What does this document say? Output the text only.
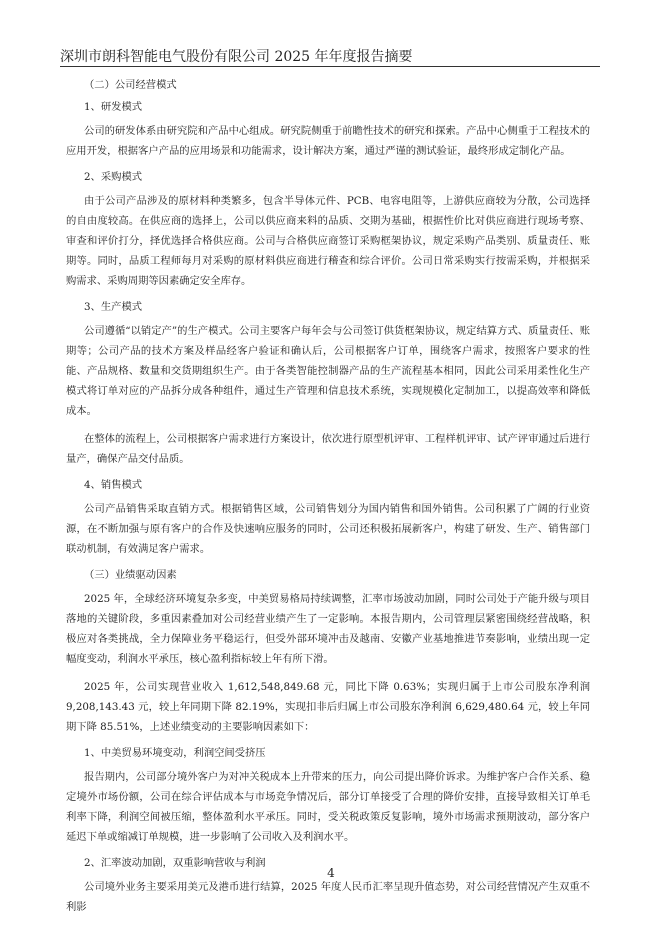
深圳市朗科智能电气股份有限公司 2025 年年度报告摘要
（二）公司经营模式
1、研发模式
公司的研发体系由研究院和产品中心组成。研究院侧重于前瞻性技术的研究和探索。产品中心侧重于工程技术的应用开发，根据客户产品的应用场景和功能需求，设计解决方案，通过严谨的测试验证，最终形成定制化产品。
2、采购模式
由于公司产品涉及的原材料种类繁多，包含半导体元件、PCB、电容电阻等，上游供应商较为分散，公司选择的自由度较高。在供应商的选择上，公司以供应商来料的品质、交期为基础，根据性价比对供应商进行现场考察、审查和评价打分，择优选择合格供应商。公司与合格供应商签订采购框架协议，规定采购产品类别、质量责任、账期等。同时，品质工程师每月对采购的原材料供应商进行稽查和综合评价。公司日常采购实行按需采购，并根据采购需求、采购周期等因素确定安全库存。
3、生产模式
公司遵循“以销定产”的生产模式。公司主要客户每年会与公司签订供货框架协议，规定结算方式、质量责任、账期等；公司产品的技术方案及样品经客户验证和确认后，公司根据客户订单，围绕客户需求，按照客户要求的性能、产品规格、数量和交货期组织生产。由于各类智能控制器产品的生产流程基本相同，因此公司采用柔性化生产模式将订单对应的产品拆分成各种组件，通过生产管理和信息技术系统，实现规模化定制加工，以提高效率和降低成本。
在整体的流程上，公司根据客户需求进行方案设计，依次进行原型机评审、工程样机评审、试产评审通过后进行量产，确保产品交付品质。
4、销售模式
公司产品销售采取直销方式。根据销售区域，公司销售划分为国内销售和国外销售。公司积累了广阔的行业资源，在不断加强与原有客户的合作及快速响应服务的同时，公司还积极拓展新客户，构建了研发、生产、销售部门联动机制，有效满足客户需求。
（三）业绩驱动因素
2025 年，全球经济环境复杂多变，中美贸易格局持续调整，汇率市场波动加剧，同时公司处于产能升级与项目落地的关键阶段，多重因素叠加对公司经营业绩产生了一定影响。本报告期内，公司管理层紧密围绕经营战略，积极应对各类挑战，全力保障业务平稳运行，但受外部环境冲击及越南、安徽产业基地推进节奏影响，业绩出现一定幅度变动，利润水平承压，核心盈利指标较上年有所下滑。
2025 年，公司实现营业收入 1,612,548,849.68 元，同比下降 0.63%；实现归属于上市公司股东净利润 9,208,143.43 元，较上年同期下降 82.19%，实现扣非后归属上市公司股东净利润 6,629,480.64 元，较上年同期下降 85.51%，上述业绩变动的主要影响因素如下：
1、中美贸易环境变动，利润空间受挤压
报告期内，公司部分境外客户为对冲关税成本上升带来的压力，向公司提出降价诉求。为维护客户合作关系、稳定境外市场份额，公司在综合评估成本与市场竞争情况后，部分订单接受了合理的降价安排，直接导致相关订单毛利率下降，利润空间被压缩，整体盈利水平承压。同时，受关税政策反复影响，境外市场需求预期波动，部分客户延迟下单或缩减订单规模，进一步影响了公司收入及利润水平。
2、汇率波动加剧，双重影响营收与利润
公司境外业务主要采用美元及港币进行结算，2025 年度人民币汇率呈现升值态势，对公司经营情况产生双重不利影
4
